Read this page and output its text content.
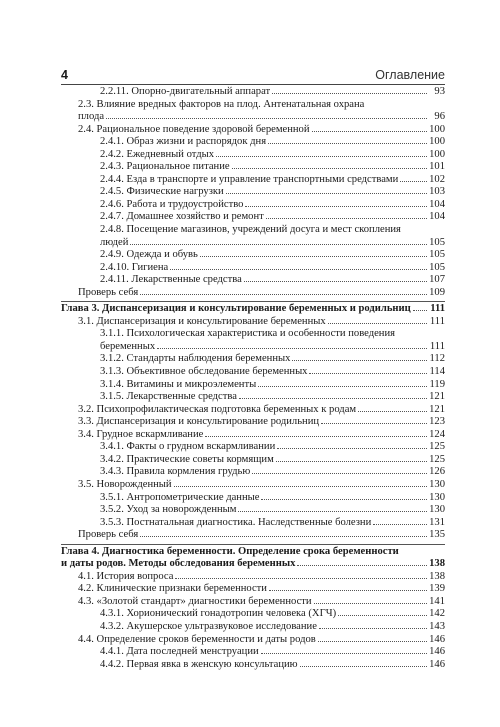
4	Оглавление
2.2.11. Опорно-двигательный аппарат	93
2.3. Влияние вредных факторов на плод. Антенатальная охрана
плода	96
2.4. Рациональное поведение здоровой беременной	100
2.4.1. Образ жизни и распорядок дня	100
2.4.2. Ежедневный отдых	100
2.4.3. Рациональное питание	101
2.4.4. Езда в транспорте и управление транспортными средствами	102
2.4.5. Физические нагрузки	103
2.4.6. Работа и трудоустройство	104
2.4.7. Домашнее хозяйство и ремонт	104
2.4.8. Посещение магазинов, учреждений досуга и мест скопления
людей	105
2.4.9. Одежда и обувь	105
2.4.10. Гигиена	105
2.4.11. Лекарственные средства	107
Проверь себя	109
Глава 3. Диспансеризация и консультирование беременных и родильниц 111
3.1. Диспансеризация и консультирование беременных	111
3.1.1. Психологическая характеристика и особенности поведения
беременных	111
3.1.2. Стандарты наблюдения беременных	112
3.1.3. Объективное обследование беременных	114
3.1.4. Витамины и микроэлементы	119
3.1.5. Лекарственные средства	121
3.2. Психопрофилактическая подготовка беременных к родам	121
3.3. Диспансеризация и консультирование родильниц	123
3.4. Грудное вскармливание	124
3.4.1. Факты о грудном вскармливании	125
3.4.2. Практические советы кормящим	125
3.4.3. Правила кормления грудью	126
3.5. Новорожденный	130
3.5.1. Антропометрические данные	130
3.5.2. Уход за новорожденным	130
3.5.3. Постнатальная диагностика. Наследственные болезни	131
Проверь себя	135
Глава 4. Диагностика беременности. Определение срока беременности
и даты родов. Методы обследования беременных	138
4.1. История вопроса	138
4.2. Клинические признаки беременности	139
4.3. «Золотой стандарт» диагностики беременности	141
4.3.1. Хорионический гонадотропин человека (ХГЧ)	142
4.3.2. Акушерское ультразвуковое исследование	143
4.4. Определение сроков беременности и даты родов	146
4.4.1. Дата последней менструации	146
4.4.2. Первая явка в женскую консультацию	146
